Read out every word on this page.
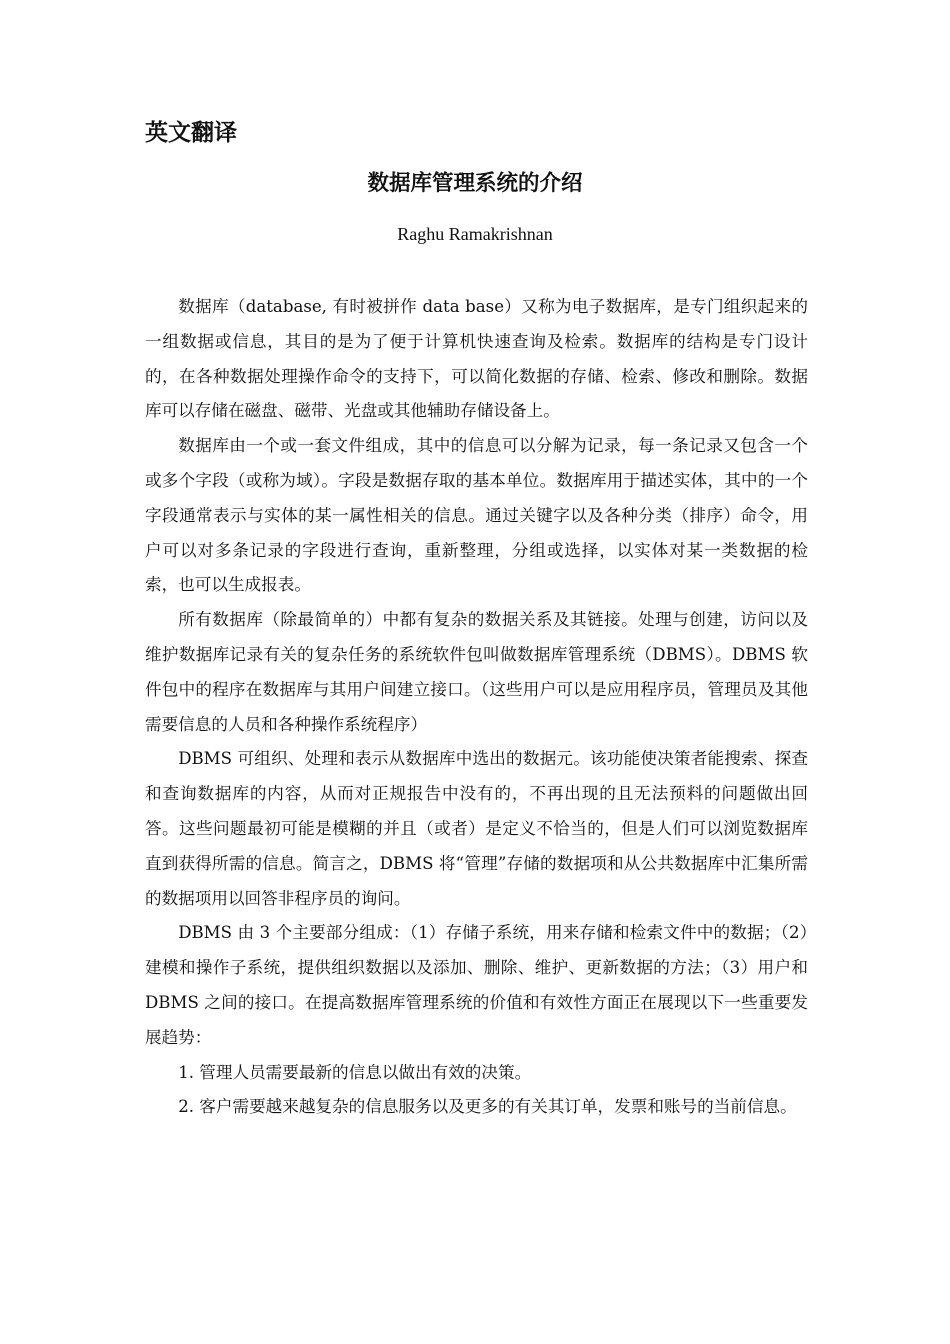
英文翻译
数据库管理系统的介绍

Raghu Ramakrishnan

数据库（database, 有时被拼作 data base）又称为电子数据库，是专门组织起来的一组数据或信息，其目的是为了便于计算机快速查询及检索。数据库的结构是专门设计的，在各种数据处理操作命令的支持下，可以简化数据的存储、检索、修改和删除。数据库可以存储在磁盘、磁带、光盘或其他辅助存储设备上。

数据库由一个或一套文件组成，其中的信息可以分解为记录，每一条记录又包含一个或多个字段（或称为域）。字段是数据存取的基本单位。数据库用于描述实体，其中的一个字段通常表示与实体的某一属性相关的信息。通过关键字以及各种分类（排序）命令，用户可以对多条记录的字段进行查询，重新整理，分组或选择，以实体对某一类数据的检索，也可以生成报表。

所有数据库（除最简单的）中都有复杂的数据关系及其链接。处理与创建，访问以及维护数据库记录有关的复杂任务的系统软件包叫做数据库管理系统（DBMS）。DBMS 软件包中的程序在数据库与其用户间建立接口。（这些用户可以是应用程序员，管理员及其他需要信息的人员和各种操作系统程序）

DBMS 可组织、处理和表示从数据库中选出的数据元。该功能使决策者能搜索、探查和查询数据库的内容，从而对正规报告中没有的，不再出现的且无法预料的问题做出回答。这些问题最初可能是模糊的并且（或者）是定义不恰当的，但是人们可以浏览数据库直到获得所需的信息。简言之，DBMS 将“管理”存储的数据项和从公共数据库中汇集所需的数据项用以回答非程序员的询问。

DBMS 由 3 个主要部分组成：（1）存储子系统，用来存储和检索文件中的数据；（2）建模和操作子系统，提供组织数据以及添加、删除、维护、更新数据的方法；（3）用户和 DBMS 之间的接口。在提高数据库管理系统的价值和有效性方面正在展现以下一些重要发展趋势：

1. 管理人员需要最新的信息以做出有效的决策。

2. 客户需要越来越复杂的信息服务以及更多的有关其订单，发票和账号的当前信息。
